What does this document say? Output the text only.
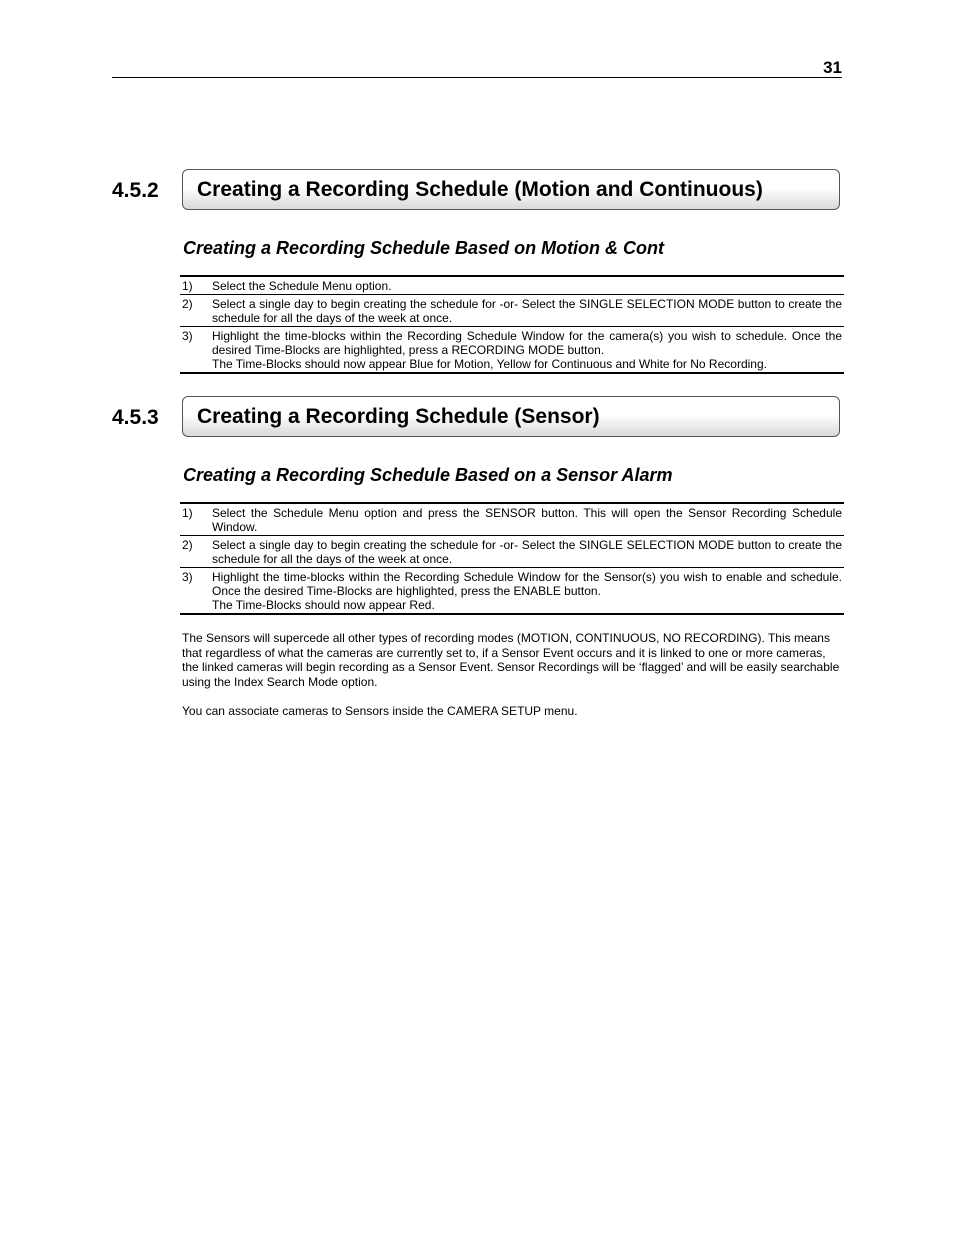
31
4.5.2 Creating a Recording Schedule (Motion and Continuous)
Creating a Recording Schedule Based on Motion & Cont
1)	Select the Schedule Menu option.
2)	Select a single day to begin creating the schedule for -or- Select the SINGLE SELECTION MODE button to create the schedule for all the days of the week at once.
3)	Highlight the time-blocks within the Recording Schedule Window for the camera(s) you wish to schedule. Once the desired Time-Blocks are highlighted, press a RECORDING MODE button.
The Time-Blocks should now appear Blue for Motion, Yellow for Continuous and White for No Recording.
4.5.3 Creating a Recording Schedule (Sensor)
Creating a Recording Schedule Based on a Sensor Alarm
1)	Select the Schedule Menu option and press the SENSOR button. This will open the Sensor Recording Schedule Window.
2)	Select a single day to begin creating the schedule for -or- Select the SINGLE SELECTION MODE button to create the schedule for all the days of the week at once.
3)	Highlight the time-blocks within the Recording Schedule Window for the Sensor(s) you wish to enable and schedule. Once the desired Time-Blocks are highlighted, press the ENABLE button.
The Time-Blocks should now appear Red.
The Sensors will supercede all other types of recording modes (MOTION, CONTINUOUS, NO RECORDING). This means that regardless of what the cameras are currently set to, if a Sensor Event occurs and it is linked to one or more cameras, the linked cameras will begin recording as a Sensor Event. Sensor Recordings will be ‘flagged’ and will be easily searchable using the Index Search Mode option.
You can associate cameras to Sensors inside the CAMERA SETUP menu.
